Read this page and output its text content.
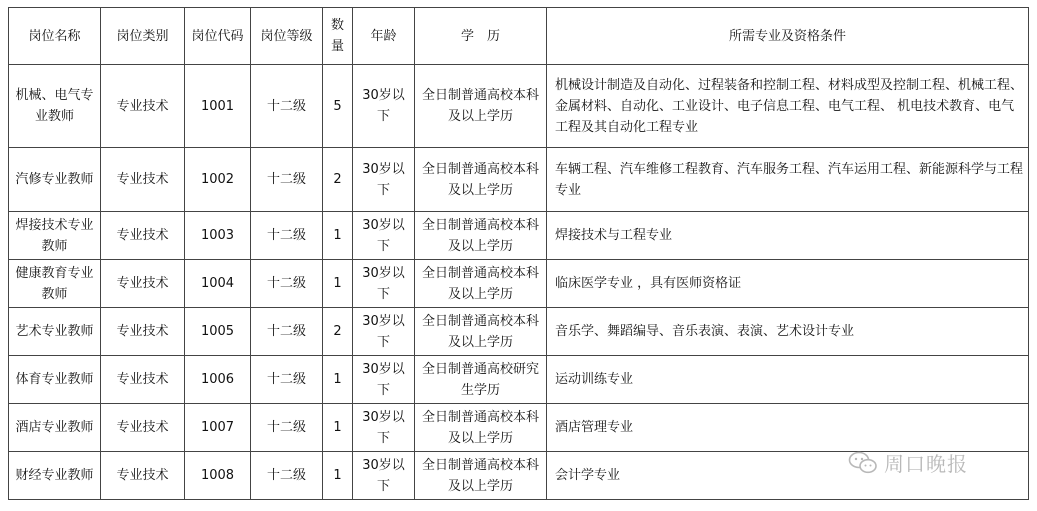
岗位名称	岗位类别	岗位代码	岗位等级	数量	年龄	学　历	所需专业及资格条件
机械、电气专业教师	专业技术	1001	十二级	5	30岁以下	全日制普通高校本科及以上学历	机械设计制造及自动化、过程装备和控制工程、材料成型及控制工程、机械工程、金属材料、自动化、工业设计、电子信息工程、电气工程、 机电技术教育、电气工程及其自动化工程专业
汽修专业教师	专业技术	1002	十二级	2	30岁以下	全日制普通高校本科及以上学历	车辆工程、汽车维修工程教育、汽车服务工程、汽车运用工程、新能源科学与工程专业
焊接技术专业教师	专业技术	1003	十二级	1	30岁以下	全日制普通高校本科及以上学历	焊接技术与工程专业
健康教育专业教师	专业技术	1004	十二级	1	30岁以下	全日制普通高校本科及以上学历	临床医学专业 ，具有医师资格证
艺术专业教师	专业技术	1005	十二级	2	30岁以下	全日制普通高校本科及以上学历	音乐学、舞蹈编导、音乐表演、表演、艺术设计专业
体育专业教师	专业技术	1006	十二级	1	30岁以下	全日制普通高校研究生学历	运动训练专业
酒店专业教师	专业技术	1007	十二级	1	30岁以下	全日制普通高校本科及以上学历	酒店管理专业
财经专业教师	专业技术	1008	十二级	1	30岁以下	全日制普通高校本科及以上学历	会计学专业	周口晚报
